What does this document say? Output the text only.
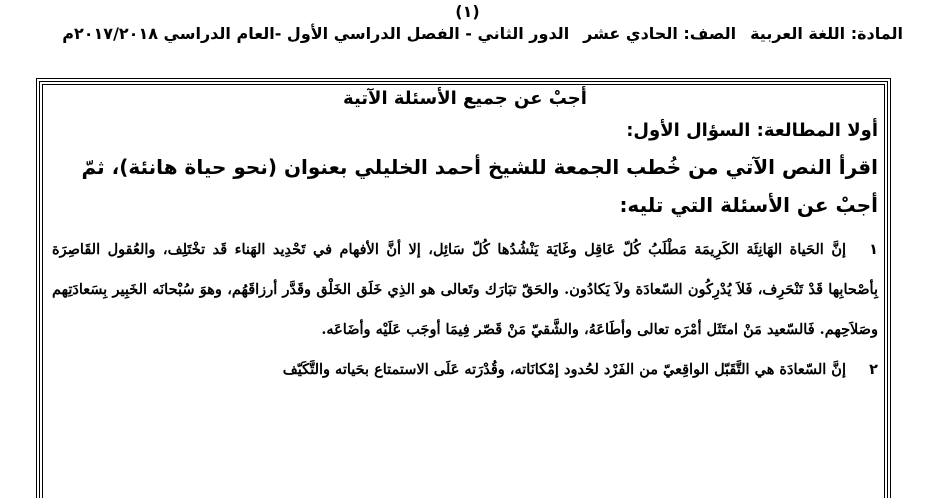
(١)
المادة: اللغة العربيةالصف: الحادي عشرالدور الثاني - الفصل الدراسي الأول -العام الدراسي ٢٠١٧/٢٠١٨م
أجبْ عن جميع الأسئلة الآتية
أولا المطالعة: السؤال الأول:

اقرأ النص الآتي من خُطب الجمعة للشيخ أحمد الخليلي بعنوان (نحو حياة هانئة)، ثمّ أجبْ عن الأسئلة التي تليه:

١إنَّ الحَياة الهَانِئَة الكَرِيمَة مَطْلَبُ كُلّ عَاقِل وغَايَة يَنْشُدُها كُلّ سَائِل، إلا أنَّ الأفهام في تَحْدِيد الهَناء قَد تخْتَلِف، والعُقول القَاصِرَة بِأصْحابِها قَدْ تَنْحَرِف، فَلاَ يُدْرِكُون السّعادَة ولاَ يَكادُون. والحَقّ تبَارَك وتَعالى هو الذِي خَلَق الخَلْق وقَدَّر أرزاقَهُم، وهوَ سُبْحانَه الخَبِير بِسَعادَتِهم وصَلاَحِهم. فَالسّعيد مَنْ امتَثَل أمْرَه تعالى وأطَاعَهُ، والشَّقيّ مَنْ قَصّر فِيمَا أوجَب عَلَيْه وأضَاعَه.

٢إنَّ السّعادَة هي التَّقَبّل الواقِعيّ من الفَرْد لحُدود إمْكانَاته، وقُدْرَته عَلَى الاستمتاع بحَياته والتَّكَيّف
